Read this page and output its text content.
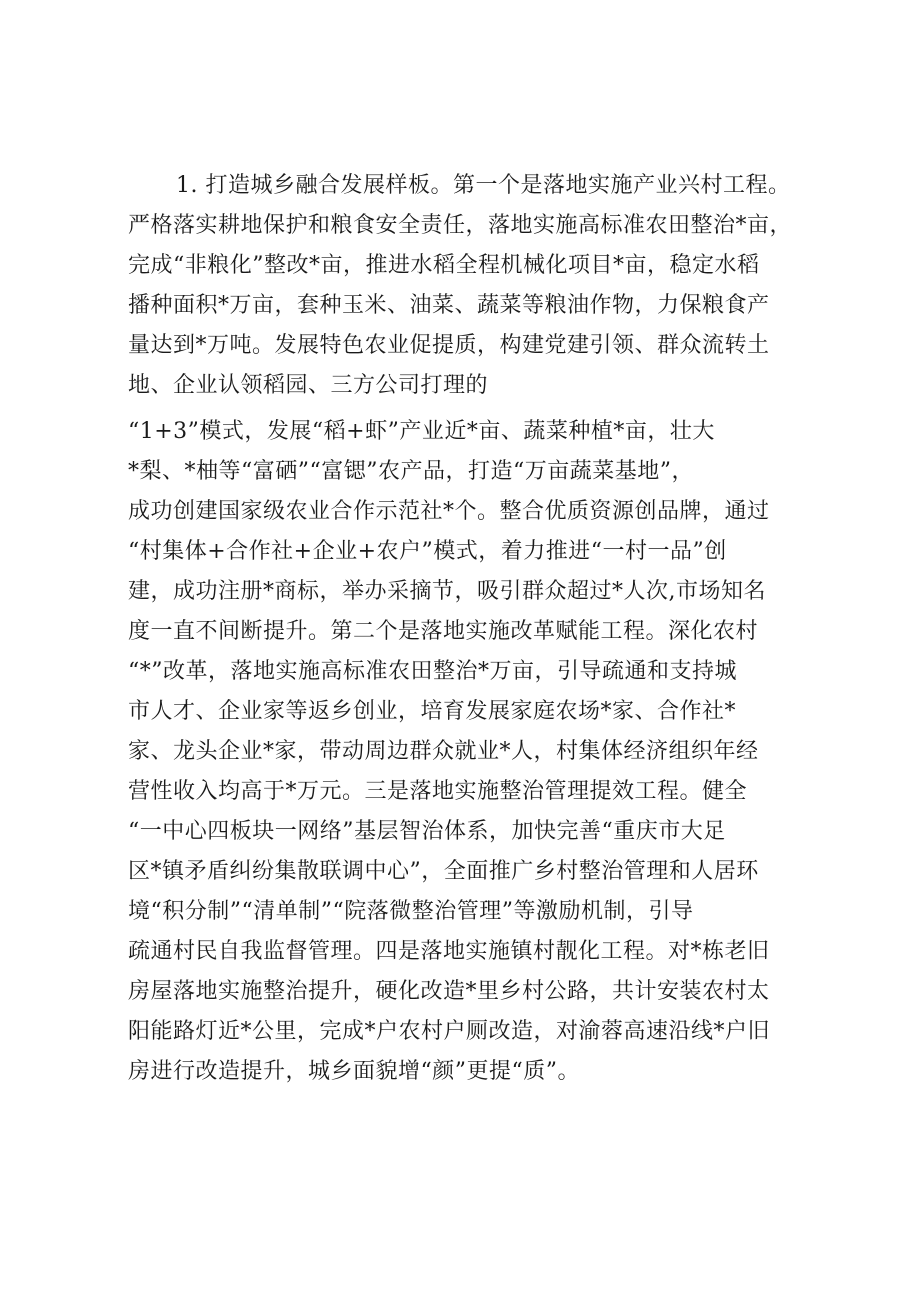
1. 打造城乡融合发展样板。第一个是落地实施产业兴村工程。
严格落实耕地保护和粮食安全责任，落地实施高标准农田整治*亩，
完成“非粮化”整改*亩，推进水稻全程机械化项目*亩，稳定水稻
播种面积*万亩，套种玉米、油菜、蔬菜等粮油作物，力保粮食产
量达到*万吨。发展特色农业促提质，构建党建引领、群众流转土
地、企业认领稻园、三方公司打理的
“1+3”模式，发展“稻+虾”产业近*亩、蔬菜种植*亩，壮大
*梨、*柚等“富硒”“富锶”农产品，打造“万亩蔬菜基地”，
成功创建国家级农业合作示范社*个。整合优质资源创品牌，通过
“村集体+合作社+企业+农户”模式，着力推进“一村一品”创
建，成功注册*商标，举办采摘节，吸引群众超过*人次,市场知名
度一直不间断提升。第二个是落地实施改革赋能工程。深化农村
“*”改革，落地实施高标准农田整治*万亩，引导疏通和支持城
市人才、企业家等返乡创业，培育发展家庭农场*家、合作社*
家、龙头企业*家，带动周边群众就业*人，村集体经济组织年经
营性收入均高于*万元。三是落地实施整治管理提效工程。健全
“一中心四板块一网络”基层智治体系，加快完善“重庆市大足
区*镇矛盾纠纷集散联调中心”，全面推广乡村整治管理和人居环
境“积分制”“清单制”“院落微整治管理”等激励机制，引导
疏通村民自我监督管理。四是落地实施镇村靓化工程。对*栋老旧
房屋落地实施整治提升，硬化改造*里乡村公路，共计安装农村太
阳能路灯近*公里，完成*户农村户厕改造，对渝蓉高速沿线*户旧
房进行改造提升，城乡面貌增“颜”更提“质”。
